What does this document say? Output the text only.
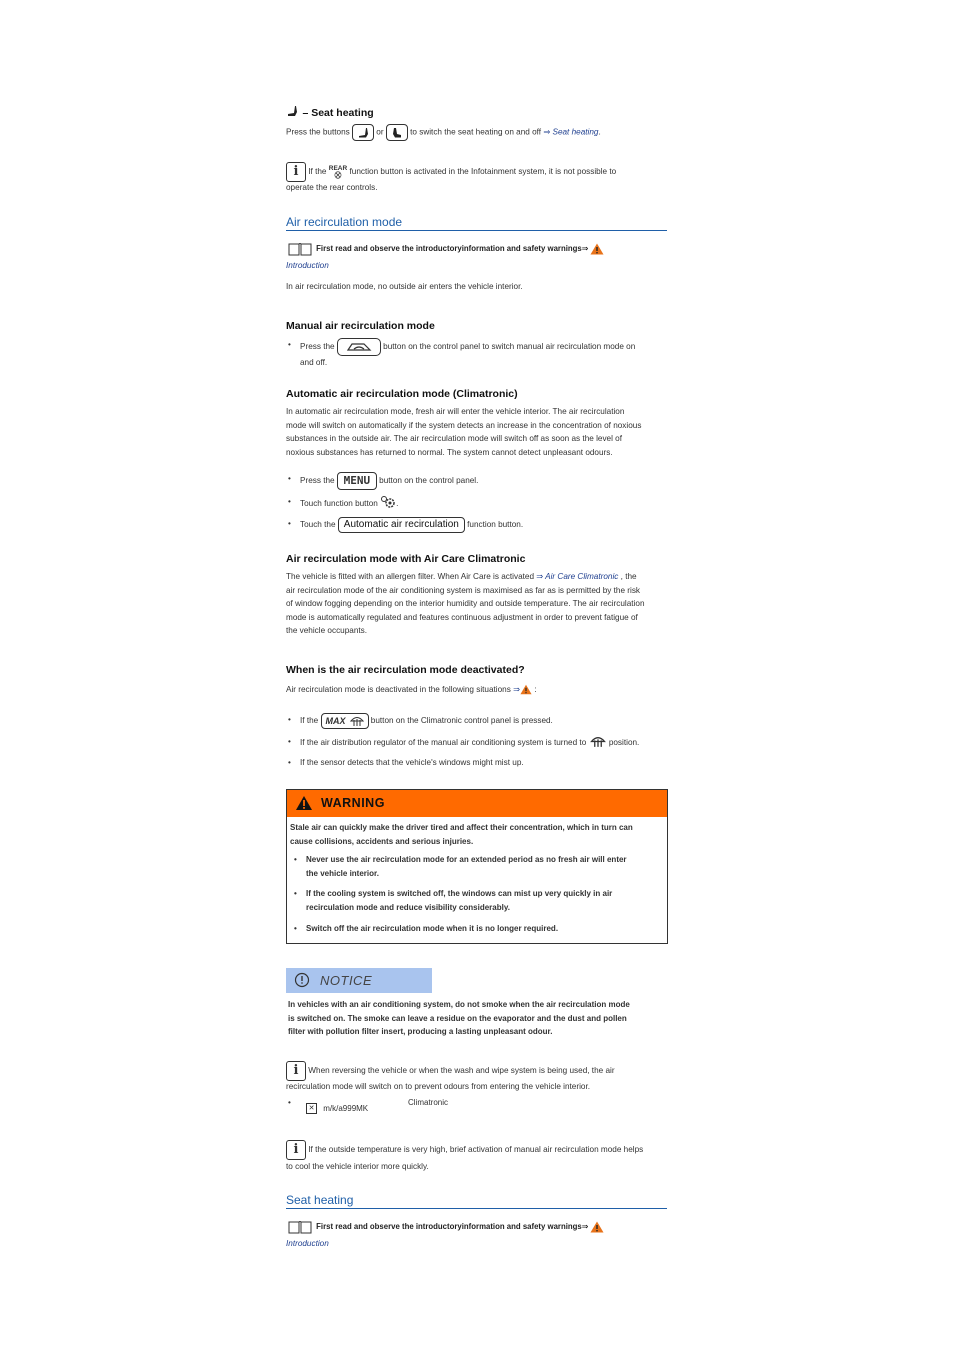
– Seat heating
Press the buttons	or	to switch the seat heating on and off ⇒ Seat heating.
i If the REAR
⛒ function button is activated in the Infotainment system, it is not possible to
operate the rear controls.
Air recirculation mode
First read and observe the introductoryinformation and safety warnings⇒
Introduction
In air recirculation mode, no outside air enters the vehicle interior.
Manual air recirculation mode
• Press the	button on the control panel to switch manual air recirculation mode on
and off.
Automatic air recirculation mode (Climatronic)
In automatic air recirculation mode, fresh air will enter the vehicle interior. The air recirculation
mode will switch on automatically if the system detects an increase in the concentration of noxious
substances in the outside air. The air recirculation mode will switch off as soon as the level of
noxious substances has returned to normal. The system cannot detect unpleasant odours.
• Press the MENU button on the control panel.
• Touch function button .
• Touch the Automatic air recirculation function button.
Air recirculation mode with Air Care Climatronic
The vehicle is fitted with an allergen filter. When Air Care is activated ⇒ Air Care Climatronic , the
air recirculation mode of the air conditioning system is maximised as far as is permitted by the risk
of window fogging depending on the interior humidity and outside temperature. The air recirculation
mode is automatically regulated and features continuous adjustment in order to prevent fatigue of
the vehicle occupants.
When is the air recirculation mode deactivated?
Air recirculation mode is deactivated in the following situations ⇒ :
• If the MAX	button on the Climatronic control panel is pressed.
• If the air distribution regulator of the manual air conditioning system is turned to	position.
• If the sensor detects that the vehicle's windows might mist up.
WARNING
Stale air can quickly make the driver tired and affect their concentration, which in turn can
cause collisions, accidents and serious injuries.
• Never use the air recirculation mode for an extended period as no fresh air will enter
the vehicle interior.
• If the cooling system is switched off, the windows can mist up very quickly in air
recirculation mode and reduce visibility considerably.
• Switch off the air recirculation mode when it is no longer required.
NOTICE
In vehicles with an air conditioning system, do not smoke when the air recirculation mode
is switched on. The smoke can leave a residue on the evaporator and the dust and pollen
filter with pollution filter insert, producing a lasting unpleasant odour.
i When reversing the vehicle or when the wash and wipe system is being used, the air
recirculation mode will switch on to prevent odours from entering the vehicle interior.
•
✕ m/k/a999MK
Climatronic
i If the outside temperature is very high, brief activation of manual air recirculation mode helps
to cool the vehicle interior more quickly.
Seat heating
First read and observe the introductoryinformation and safety warnings⇒
Introduction
